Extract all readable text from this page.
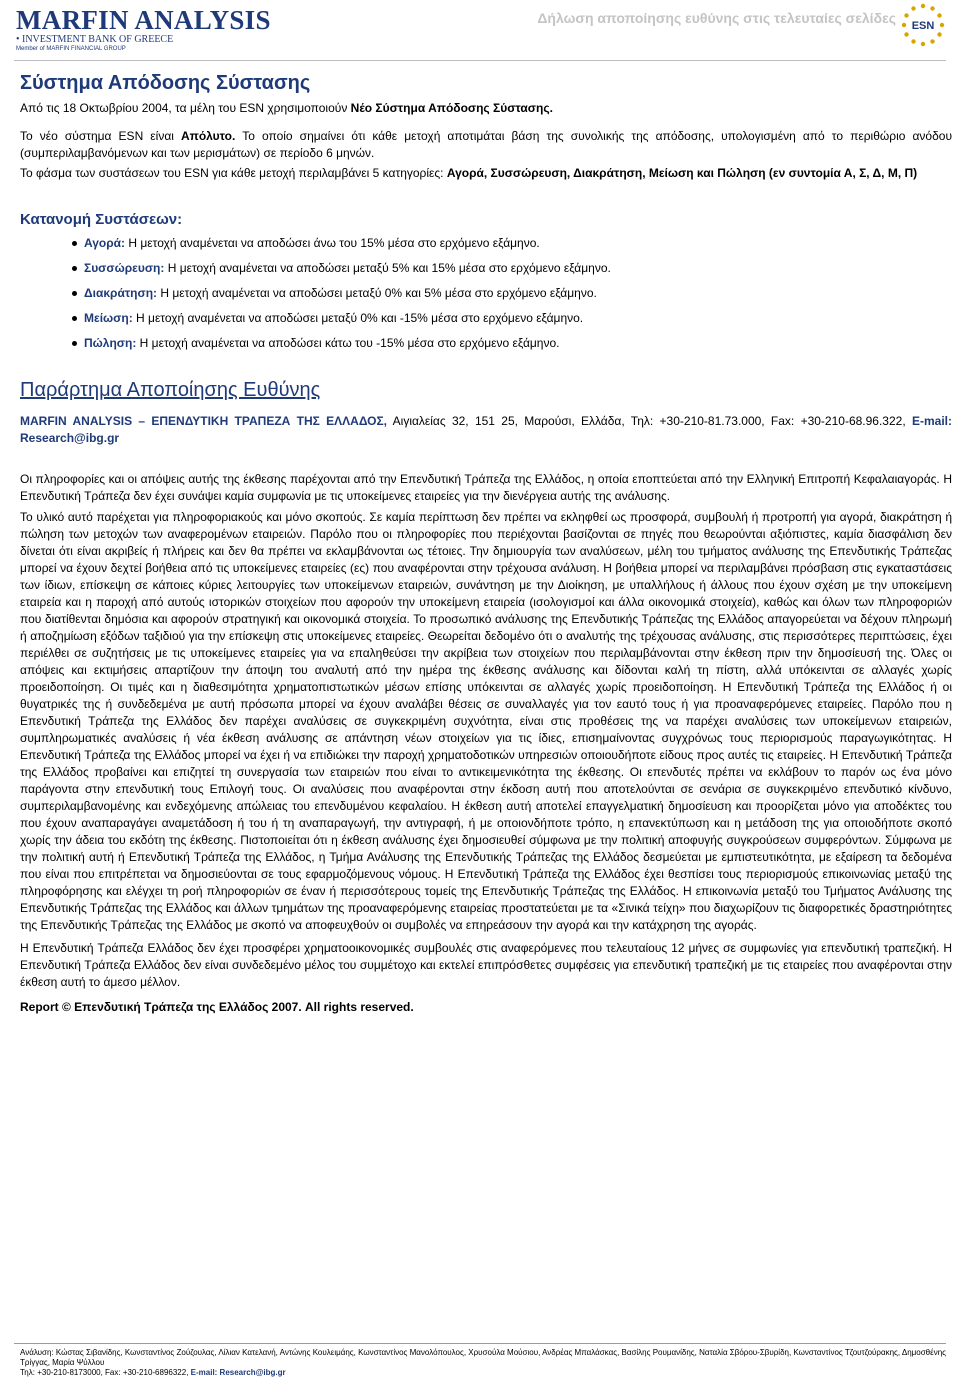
MARFIN ANALYSIS
• INVESTMENT BANK OF GREECE
Member of MARFIN FINANCIAL GROUP
Δήλωση αποποίησης ευθύνης στις τελευταίες σελίδες ESN
Σύστημα Απόδοσης Σύστασης

Από τις 18 Οκτωβρίου 2004, τα μέλη του ESN χρησιμοποιούν Νέο Σύστημα Απόδοσης Σύστασης.

Το νέο σύστημα ESN είναι Απόλυτο. Το οποίο σημαίνει ότι κάθε μετοχή αποτιμάται βάση της συνολικής της απόδοσης, υπολογισμένη από το περιθώριο ανόδου (συμπεριλαμβανόμενων και των μερισμάτων) σε περίοδο 6 μηνών.

Το φάσμα των συστάσεων του ESN για κάθε μετοχή περιλαμβάνει 5 κατηγορίες: Αγορά, Συσσώρευση, Διακράτηση, Μείωση και Πώληση (εν συντομία Α, Σ, Δ, Μ, Π)

Κατανομή Συστάσεων:
Αγορά: Η μετοχή αναμένεται να αποδώσει άνω του 15% μέσα στο ερχόμενο εξάμηνο.
Συσσώρευση: Η μετοχή αναμένεται να αποδώσει μεταξύ 5% και 15% μέσα στο ερχόμενο εξάμηνο.
Διακράτηση: Η μετοχή αναμένεται να αποδώσει μεταξύ 0% και 5% μέσα στο ερχόμενο εξάμηνο.
Μείωση: Η μετοχή αναμένεται να αποδώσει μεταξύ 0% και -15% μέσα στο ερχόμενο εξάμηνο.
Πώληση: Η μετοχή αναμένεται να αποδώσει κάτω του -15% μέσα στο ερχόμενο εξάμηνο.
Παράρτημα Αποποίησης Ευθύνης

MARFIN ANALYSIS – ΕΠΕΝΔΥΤΙΚΗ ΤΡΑΠΕΖΑ ΤΗΣ ΕΛΛΑΔΟΣ, Αιγιαλείας 32, 151 25, Μαρούσι, Ελλάδα, Τηλ: +30-210-81.73.000, Fax: +30-210-68.96.322, E-mail: Research@ibg.gr

Οι πληροφορίες και οι απόψεις αυτής της έκθεσης παρέχονται από την Επενδυτική Τράπεζα της Ελλάδος, η οποία εποπτεύεται από την Ελληνική Επιτροπή Κεφαλαιαγοράς. Η Επενδυτική Τράπεζα δεν έχει συνάψει καμία συμφωνία με τις υποκείμενες εταιρείες για την διενέργεια αυτής της ανάλυσης.

Το υλικό αυτό παρέχεται για πληροφοριακούς και μόνο σκοπούς. Σε καμία περίπτωση δεν πρέπει να εκληφθεί ως προσφορά, συμβουλή ή προτροπή για αγορά, διακράτηση ή πώληση των μετοχών των αναφερομένων εταιρειών. Παρόλο που οι πληροφορίες που περιέχονται βασίζονται σε πηγές που θεωρούνται αξιόπιστες, καμία διασφάλιση δεν δίνεται ότι είναι ακριβείς ή πλήρεις και δεν θα πρέπει να εκλαμβάνονται ως τέτοιες. Την δημιουργία των αναλύσεων, μέλη του τμήματος ανάλυσης της Επενδυτικής Τράπεζας μπορεί να έχουν δεχτεί βοήθεια από τις υποκείμενες εταιρείες (ες) που αναφέρονται στην τρέχουσα ανάλυση. Η βοήθεια μπορεί να περιλαμβάνει πρόσβαση στις εγκαταστάσεις των ίδιων, επίσκεψη σε κάποιες κύριες λειτουργίες των υποκείμενων εταιρειών, συνάντηση με την Διοίκηση, με υπαλλήλους ή άλλους που έχουν σχέση με την υποκείμενη εταιρεία και η παροχή από αυτούς ιστορικών στοιχείων που αφορούν την υποκείμενη εταιρεία (ισολογισμοί και άλλα οικονομικά στοιχεία), καθώς και όλων των πληροφοριών που διατίθενται δημόσια και αφορούν στρατηγική και οικονομικά στοιχεία. Το προσωπικό ανάλυσης της Επενδυτικής Τράπεζας της Ελλάδος απαγορεύεται να δέχουν πληρωμή ή αποζημίωση εξόδων ταξιδιού για την επίσκεψη στις υποκείμενες εταιρείες. Θεωρείται δεδομένο ότι ο αναλυτής της τρέχουσας ανάλυσης, στις περισσότερες περιπτώσεις, έχει περιέλθει σε συζητήσεις με τις υποκείμενες εταιρείες για να επαληθεύσει την ακρίβεια των στοιχείων που περιλαμβάνονται στην έκθεση πριν την δημοσίευσή της. Όλες οι απόψεις και εκτιμήσεις απαρτίζουν την άποψη του αναλυτή από την ημέρα της έκθεσης ανάλυσης και δίδονται καλή τη πίστη, αλλά υπόκεινται σε αλλαγές χωρίς προειδοποίηση. Οι τιμές και η διαθεσιμότητα χρηματοπιστωτικών μέσων επίσης υπόκεινται σε αλλαγές χωρίς προειδοποίηση. Η Επενδυτική Τράπεζα της Ελλάδος ή οι θυγατρικές της ή συνδεδεμένα με αυτή πρόσωπα μπορεί να έχουν αναλάβει θέσεις σε συναλλαγές για τον εαυτό τους ή για προαναφερόμενες εταιρείες. Παρόλο που η Επενδυτική Τράπεζα της Ελλάδος δεν παρέχει αναλύσεις σε συγκεκριμένη συχνότητα, είναι στις προθέσεις της να παρέχει αναλύσεις των υποκείμενων εταιρειών, συμπληρωματικές αναλύσεις ή νέα έκθεση ανάλυσης σε απάντηση νέων στοιχείων για τις ίδιες, επισημαίνοντας συγχρόνως τους περιορισμούς παραγωγικότητας. Η Επενδυτική Τράπεζα της Ελλάδος μπορεί να έχει ή να επιδιώκει την παροχή χρηματοδοτικών υπηρεσιών οποιουδήποτε είδους προς αυτές τις εταιρείες. Η Επενδυτική Τράπεζα της Ελλάδος προβαίνει και επιζητεί τη συνεργασία των εταιρειών που είναι το αντικειμενικότητα της έκθεσης. Οι επενδυτές πρέπει να εκλάβουν το παρόν ως ένα μόνο παράγοντα στην επενδυτική τους Επιλογή τους. Οι αναλύσεις που αναφέρονται στην έκδοση αυτή που αποτελούνται σε σενάρια σε συγκεκριμένο επενδυτικό κίνδυνο, συμπεριλαμβανομένης και ενδεχόμενης απώλειας του επενδυμένου κεφαλαίου. Η έκθεση αυτή αποτελεί επαγγελματική δημοσίευση και προορίζεται μόνο για αποδέκτες του που έχουν αναπαραγάγει αναμετάδοση ή του ή τη αναπαραγωγή, την αντιγραφή, ή με οποιονδήποτε τρόπο, η επανεκτύπωση και η μετάδοση της για οποιοδήποτε σκοπό χωρίς την άδεια του εκδότη της έκθεσης. Πιστοποιείται ότι η έκθεση ανάλυσης έχει δημοσιευθεί σύμφωνα με την πολιτική αποφυγής συγκρούσεων συμφερόντων. Σύμφωνα με την πολιτική αυτή ή Επενδυτική Τράπεζα της Ελλάδος, η Τμήμα Ανάλυσης της Επενδυτικής Τράπεζας της Ελλάδος δεσμεύεται με εμπιστευτικότητα, με εξαίρεση τα δεδομένα που είναι που επιτρέπεται να δημοσιεύονται σε τους εφαρμοζόμενους νόμους. Η Επενδυτική Τράπεζα της Ελλάδος έχει θεσπίσει τους περιορισμούς επικοινωνίας μεταξύ της πληροφόρησης και ελέγχει τη ροή πληροφοριών σε έναν ή περισσότερους τομείς της Επενδυτικής Τράπεζας της Ελλάδος. Η επικοινωνία μεταξύ του Τμήματος Ανάλυσης της Επενδυτικής Τράπεζας της Ελλάδος και άλλων τμημάτων της προαναφερόμενης εταιρείας προστατεύεται με τα «Σινικά τείχη» που διαχωρίζουν τις διαφορετικές δραστηριότητες της Επενδυτικής Τράπεζας της Ελλάδος με σκοπό να αποφευχθούν οι συμβολές να επηρεάσουν την αγορά και την κατάχρηση της αγοράς.

Η Επενδυτική Τράπεζα Ελλάδος δεν έχει προσφέρει χρηματοοικονομικές συμβουλές στις αναφερόμενες που τελευταίους 12 μήνες σε συμφωνίες για επενδυτική τραπεζική. Η Επενδυτική Τράπεζα Ελλάδος δεν είναι συνδεδεμένο μέλος του συμμέτοχο και εκτελεί επιπρόσθετες συμφέσεις για επενδυτική τραπεζική με τις εταιρείες που αναφέρονται στην έκθεση αυτή το άμεσο μέλλον.

Report © Επενδυτική Τράπεζα της Ελλάδος 2007. All rights reserved.

Ανάλυση: Κώστας Σιβανίδης, Κωνσταντίνος Ζούζουλας, Λίλιαν Κατελανή, Αντώνης Κουλειμάης, Κωνσταντίνος Μανολόπουλος, Χρυσούλα Μούσιου, Ανδρέας Μπαλάσκας, Βασίλης Ρουμανίδης, Ναταλία Σβόρου-Σβυρίδη, Κωνσταντίνος Τζουτζούρακης, Δημοσθένης Τρίγγας, Μαρία Ψύλλου

Τηλ: +30-210-8173000, Fax: +30-210-6896322, E-mail: Research@ibg.gr
